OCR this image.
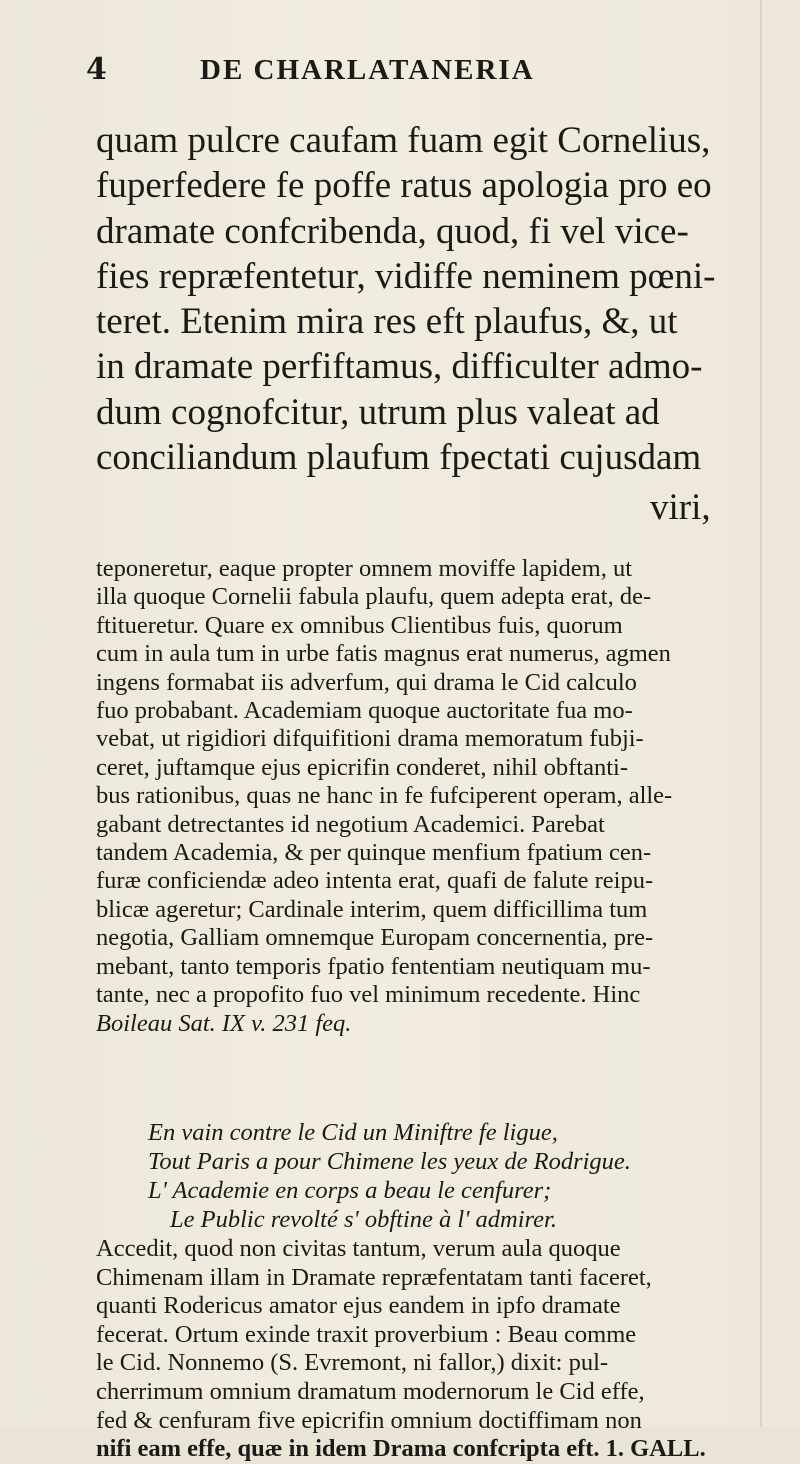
4	DE CHARLATANERIA
quam pulcre caufam fuam egit Cornelius,
fuperfedere fe poffe ratus apologia pro eo
dramate confcribenda, quod, fi vel vice-
fies repræfentetur, vidiffe neminem pœni-
teret. Etenim mira res eft plaufus, &, ut
in dramate perfiftamus, difficulter admo-
dum cognofcitur, utrum plus valeat ad
conciliandum plaufum fpectati cujusdam
viri,
teponeretur, eaque propter omnem moviffe lapidem, ut
illa quoque Cornelii fabula plaufu, quem adepta erat, de-
ftitueretur. Quare ex omnibus Clientibus fuis, quorum
cum in aula tum in urbe fatis magnus erat numerus, agmen
ingens formabat iis adverfum, qui drama le Cid calculo
fuo probabant. Academiam quoque auctoritate fua mo-
vebat, ut rigidiori difquifitioni drama memoratum fubji-
ceret, juftamque ejus epicrifin conderet, nihil obftanti-
bus rationibus, quas ne hanc in fe fufciperent operam, alle-
gabant detrectantes id negotium Academici. Parebat
tandem Academia, & per quinque menfium fpatium cen-
furæ conficiendæ adeo intenta erat, quafi de falute reipu-
blicæ ageretur; Cardinale interim, quem difficillima tum
negotia, Galliam omnemque Europam concernentia, pre-
mebant, tanto temporis fpatio fententiam neutiquam mu-
tante, nec a propofito fuo vel minimum recedente. Hinc
Boileau Sat. IX v. 231 feq.
En vain contre le Cid un Miniftre fe ligue,
Tout Paris a pour Chimene les yeux de Rodrigue.
L' Academie en corps a beau le cenfurer;
Le Public revolté s' obftine à l' admirer.
Accedit, quod non civitas tantum, verum aula quoque
Chimenam illam in Dramate repræfentatam tanti faceret,
quanti Rodericus amator ejus eandem in ipfo dramate
fecerat. Ortum exinde traxit proverbium : Beau comme
le Cid. Nonnemo (S. Evremont, ni fallor,) dixit: pul-
cherrimum omnium dramatum modernorum le Cid effe,
fed & cenfuram five epicrifin omnium doctiffimam non
nifi eam effe, quæ in idem Drama confcripta eft. 1. GALL.
